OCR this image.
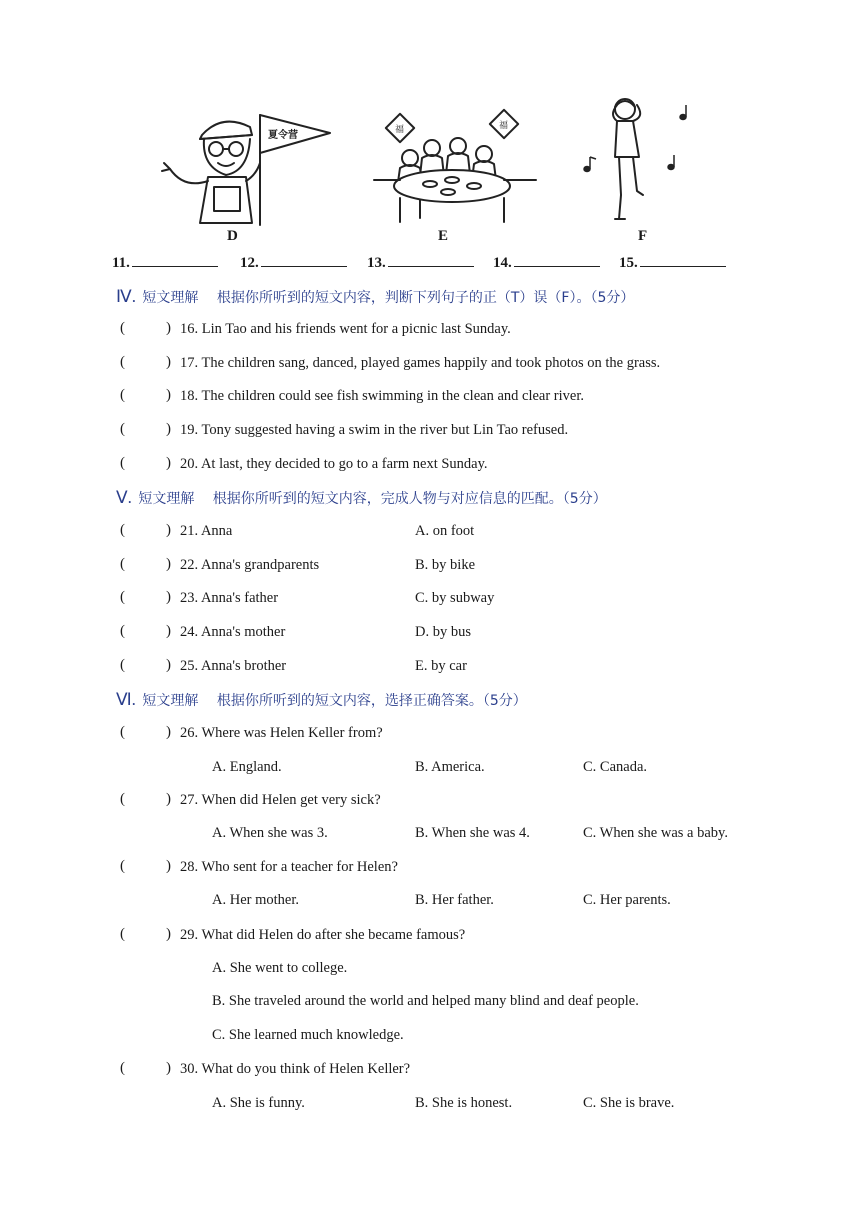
夏令营
D
福	福
E	F
11.	12.	13.	14.	15.
Ⅳ. 短文理解 根据你所听到的短文内容，判断下列句子的正（T）误（F）。（5分）
(	) 16. Lin Tao and his friends went for a picnic last Sunday.
(	) 17. The children sang, danced, played games happily and took photos on the grass.
(	) 18. The children could see fish swimming in the clean and clear river.
(	) 19. Tony suggested having a swim in the river but Lin Tao refused.
(	) 20. At last, they decided to go to a farm next Sunday.
Ⅴ. 短文理解 根据你所听到的短文内容，完成人物与对应信息的匹配。（5分）
(	) 21. Anna	A. on foot
(	) 22. Anna's grandparents	B. by bike
(	) 23. Anna's father	C. by subway
(	) 24. Anna's mother	D. by bus
(	) 25. Anna's brother	E. by car
Ⅵ. 短文理解 根据你所听到的短文内容，选择正确答案。（5分）
(	) 26. Where was Helen Keller from?
A. England.	B. America.	C. Canada.
(	) 27. When did Helen get very sick?
A. When she was 3.	B. When she was 4.	C. When she was a baby.
(	) 28. Who sent for a teacher for Helen?
A. Her mother.	B. Her father.	C. Her parents.
(	) 29. What did Helen do after she became famous?
A. She went to college.
B. She traveled around the world and helped many blind and deaf people.
C. She learned much knowledge.
(	) 30. What do you think of Helen Keller?
A. She is funny.	B. She is honest.	C. She is brave.
